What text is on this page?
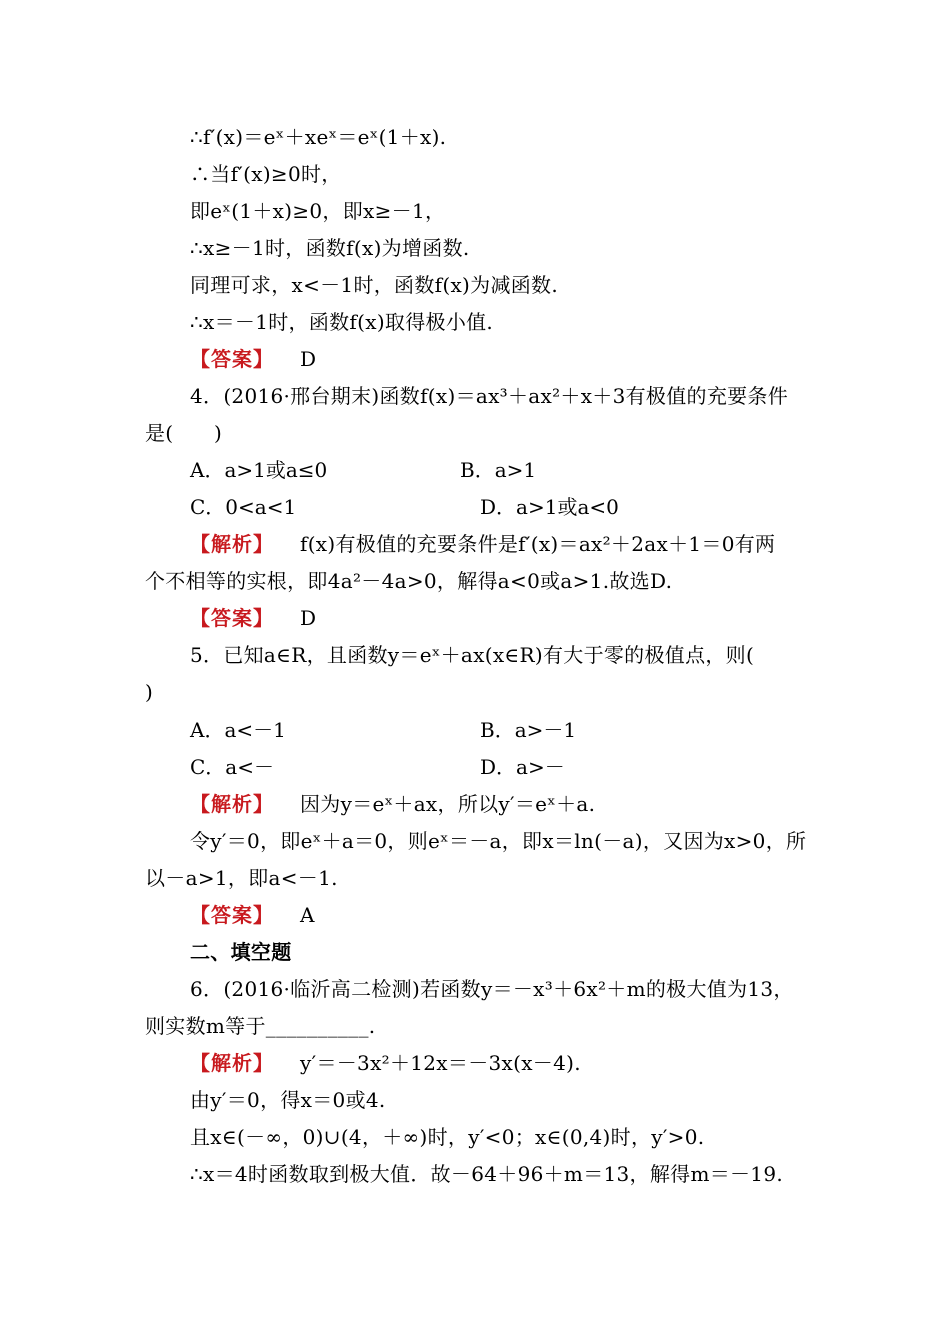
∴f′(x)＝eˣ＋xeˣ＝eˣ(1＋x).
∴当f′(x)≥0时，
即eˣ(1＋x)≥0，即x≥－1，
∴x≥－1时，函数f(x)为增函数.
同理可求，x<－1时，函数f(x)为减函数.
∴x＝－1时，函数f(x)取得极小值.
【答案】 D
4．(2016·邢台期末)函数f(x)＝ax³＋ax²＋x＋3有极值的充要条件
是(　　)
A．a>1或a≤0	B．a>1
C．0<a<1	D．a>1或a<0
【解析】 f(x)有极值的充要条件是f′(x)＝ax²＋2ax＋1＝0有两
个不相等的实根，即4a²－4a>0，解得a<0或a>1.故选D.
【答案】 D
5．已知a∈R，且函数y＝eˣ＋ax(x∈R)有大于零的极值点，则(
)
A．a<－1	B．a>－1
C．a<－	D．a>－
【解析】 因为y＝eˣ＋ax，所以y′＝eˣ＋a.
令y′＝0，即eˣ＋a＝0，则eˣ＝－a，即x＝ln(－a)，又因为x>0，所
以－a>1，即a<－1.
【答案】 A
二、填空题
6．(2016·临沂高二检测)若函数y＝－x³＋6x²＋m的极大值为13，
则实数m等于__________.
【解析】 y′＝－3x²＋12x＝－3x(x－4).
由y′＝0，得x＝0或4.
且x∈(－∞，0)∪(4，＋∞)时，y′<0；x∈(0,4)时，y′>0.
∴x＝4时函数取到极大值．故－64＋96＋m＝13，解得m＝－19.
